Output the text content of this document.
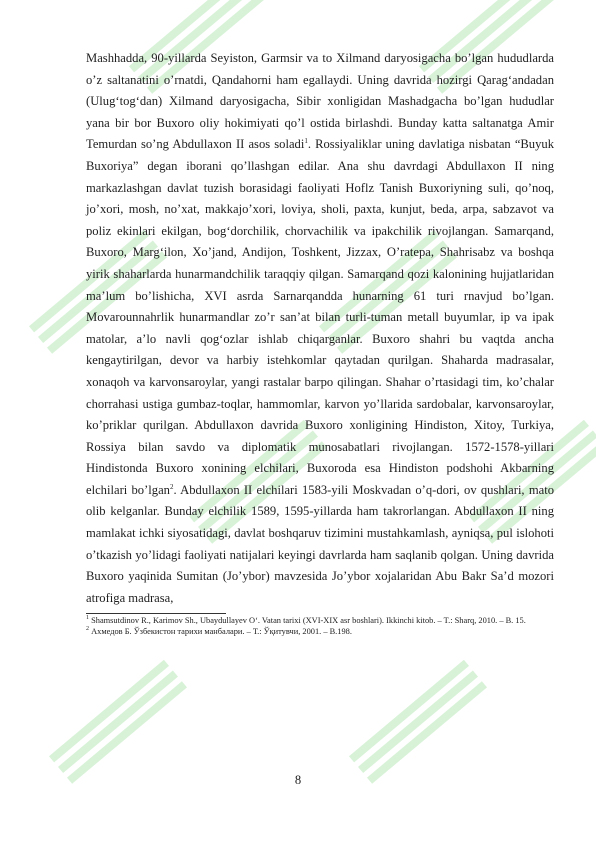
Mashhadda, 90-yillarda Seyiston, Garmsir va to Xilmand daryosigacha bo’lgan hududlarda o’z saltanatini o’rnatdi, Qandahorni ham egallaydi. Uning davrida hozirgi Qarag‘andadan (Ulug‘tog‘dan) Xilmand daryosigacha, Sibir xonligidan Mashadgacha bo’lgan hududlar yana bir bor Buxoro oliy hokimiyati qo’l ostida birlashdi. Bunday katta saltanatga Amir Temurdan so’ng Abdullaxon II asos soladi$^1$. Rossiyaliklar uning davlatiga nisbatan “Buyuk Buxoriya” degan iborani qo’llashgan edilar. Ana shu davrdagi Abdullaxon II ning markazlashgan davlat tuzish borasidagi faoliyati Hoflz Tanish Buxoriyning suli, qo’noq, jo’xori, mosh, no’xat, makkajo’xori, loviya, sholi, paxta, kunjut, beda, arpa, sabzavot va poliz ekinlari ekilgan, bog‘dorchilik, chorvachilik va ipakchilik rivojlangan. Samarqand, Buxoro, Marg‘ilon, Xo’jand, Andijon, Toshkent, Jizzax, O’ratepa, Shahrisabz va boshqa yirik shaharlarda hunarmandchilik taraqqiy qilgan. Samarqand qozi kalonining hujjatlaridan ma’lum bo’lishicha, XVI asrda Sarnarqandda hunarning 61 turi rnavjud bo’lgan. Movarounnahrlik hunarmandlar zo’r san’at bilan turli-tuman metall buyumlar, ip va ipak matolar, a’lo navli qog‘ozlar ishlab chiqarganlar. Buxoro shahri bu vaqtda ancha kengaytirilgan, devor va harbiy istehkomlar qaytadan qurilgan. Shaharda madrasalar, xonaqoh va karvonsaroylar, yangi rastalar barpo qilingan. Shahar o’rtasidagi tim, ko’chalar chorrahasi ustiga gumbaz-toqlar, hammomlar, karvon yo’llarida sardobalar, karvonsaroylar, ko’priklar qurilgan. Abdullaxon davrida Buxoro xonligining Hindiston, Xitoy, Turkiya, Rossiya bilan savdo va diplomatik munosabatlari rivojlangan. 1572-1578-yillari Hindistonda Buxoro xonining elchilari, Buxoroda esa Hindiston podshohi Akbarning elchilari bo’lgan$^2$. Abdullaxon II elchilari 1583-yili Moskvadan o’q-dori, ov qushlari, mato olib kelganlar. Bunday elchilik 1589, 1595-yillarda ham takrorlangan. Abdullaxon II ning mamlakat ichki siyosatidagi, davlat boshqaruv tizimini mustahkamlash, ayniqsa, pul islohoti o’tkazish yo’lidagi faoliyati natijalari keyingi davrlarda ham saqlanib qolgan. Uning davrida Buxoro yaqinida Sumitan (Jo’ybor) mavzesida Jo’ybor xojalaridan Abu Bakr Sa’d mozori atrofiga madrasa,

$^1$ Shamsutdinov R., Karimov Sh., Ubaydullayev O‘. Vatan tarixi (XVI-XIX asr boshlari). Ikkinchi kitob. – T.: Sharq, 2010. – B. 15.

$^2$ Ахмедов Б. Ўзбекистон тарихи манбалари. – Т.: Ўқитувчи, 2001. – B.198.

8
